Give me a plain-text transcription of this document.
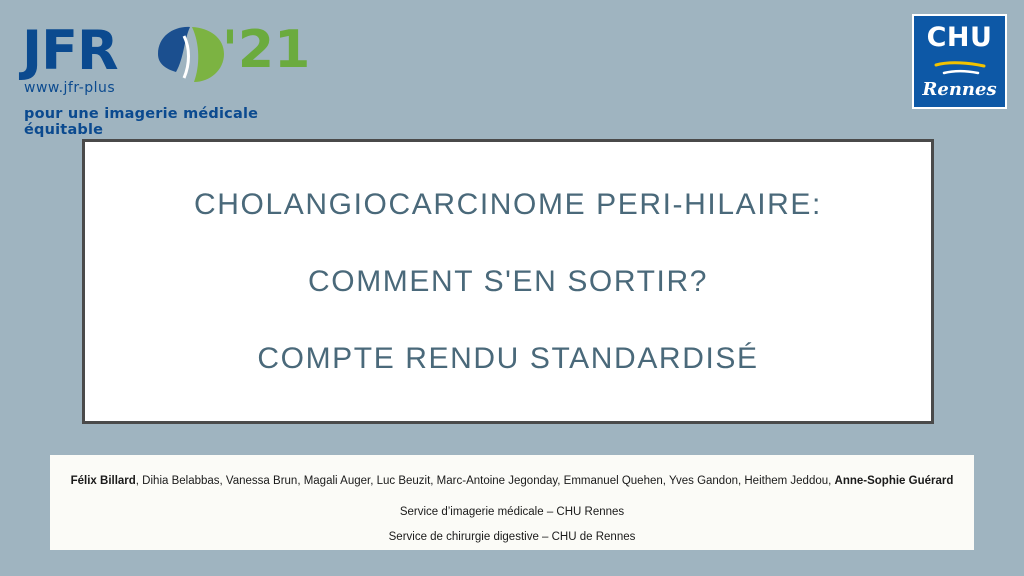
JFR '21
www.jfr-plus
pour une imagerie médicale équitable
CHU
Rennes
CHOLANGIOCARCINOME PERI-HILAIRE:
COMMENT S'EN SORTIR?
COMPTE RENDU STANDARDISÉ
Félix Billard, Dihia Belabbas, Vanessa Brun, Magali Auger, Luc Beuzit, Marc-Antoine Jegonday, Emmanuel Quehen, Yves Gandon, Heithem Jeddou, Anne-Sophie Guérard
Service d’imagerie médicale – CHU Rennes
Service de chirurgie digestive – CHU de Rennes
